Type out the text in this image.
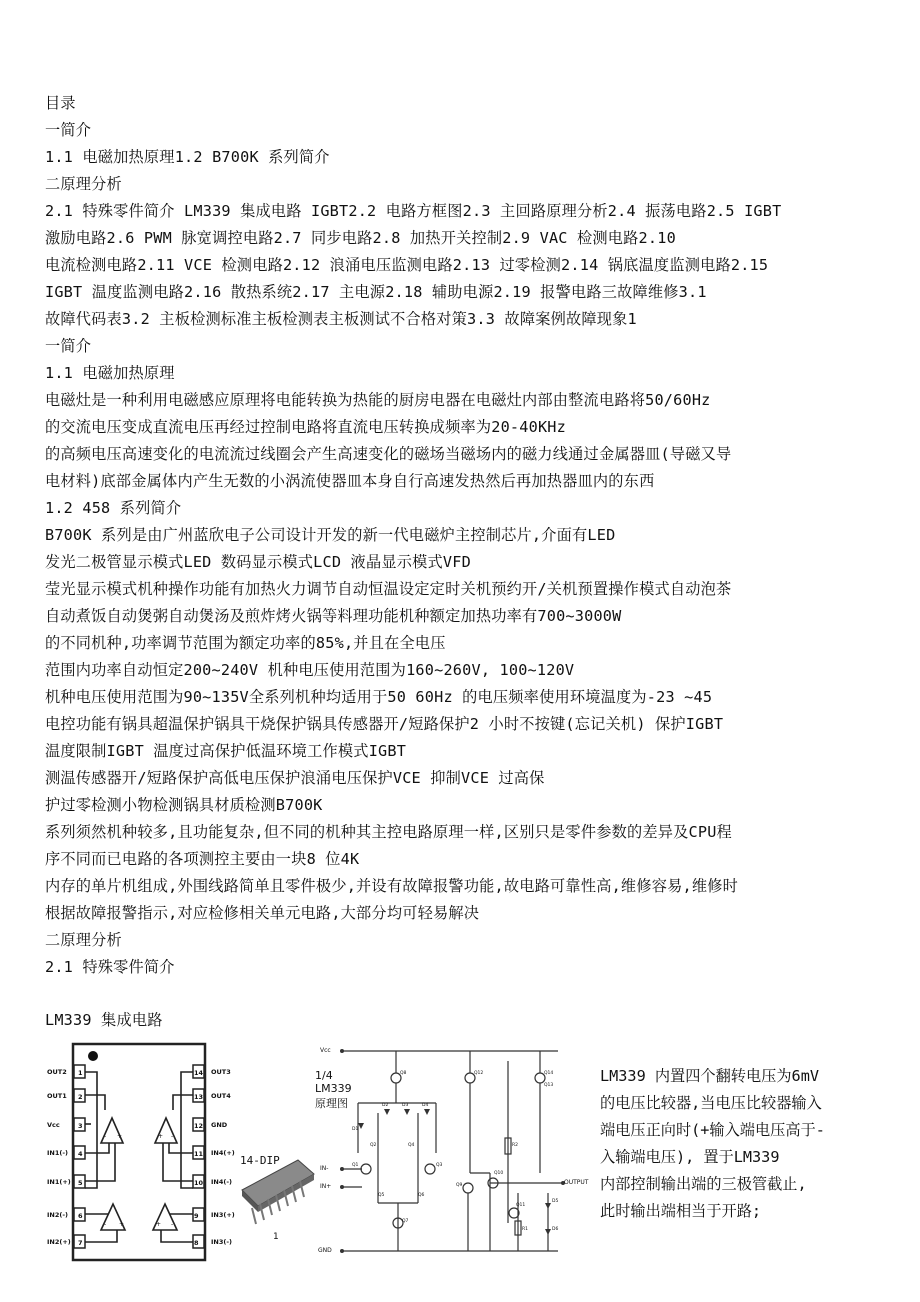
目录
一简介
1.1 电磁加热原理1.2 B700K 系列简介
二原理分析
2.1 特殊零件简介 LM339 集成电路 IGBT2.2 电路方框图2.3 主回路原理分析2.4 振荡电路2.5 IGBT
激励电路2.6 PWM 脉宽调控电路2.7 同步电路2.8 加热开关控制2.9 VAC 检测电路2.10
电流检测电路2.11 VCE 检测电路2.12 浪涌电压监测电路2.13 过零检测2.14 锅底温度监测电路2.15
IGBT 温度监测电路2.16 散热系统2.17 主电源2.18 辅助电源2.19 报警电路三故障维修3.1
故障代码表3.2 主板检测标准主板检测表主板测试不合格对策3.3 故障案例故障现象1
一简介
1.1 电磁加热原理
电磁灶是一种利用电磁感应原理将电能转换为热能的厨房电器在电磁灶内部由整流电路将50/60Hz
的交流电压变成直流电压再经过控制电路将直流电压转换成频率为20-40KHz
的高频电压高速变化的电流流过线圈会产生高速变化的磁场当磁场内的磁力线通过金属器皿(导磁又导
电材料)底部金属体内产生无数的小涡流使器皿本身自行高速发热然后再加热器皿内的东西
1.2 458 系列简介
B700K 系列是由广州蓝欣电子公司设计开发的新一代电磁炉主控制芯片,介面有LED
发光二极管显示模式LED 数码显示模式LCD 液晶显示模式VFD
莹光显示模式机种操作功能有加热火力调节自动恒温设定定时关机预约开/关机预置操作模式自动泡茶
自动煮饭自动煲粥自动煲汤及煎炸烤火锅等料理功能机种额定加热功率有700~3000W
的不同机种,功率调节范围为额定功率的85%,并且在全电压
范围内功率自动恒定200~240V 机种电压使用范围为160~260V, 100~120V
机种电压使用范围为90~135V全系列机种均适用于50 60Hz 的电压频率使用环境温度为-23 ~45
电控功能有锅具超温保护锅具干烧保护锅具传感器开/短路保护2 小时不按键(忘记关机) 保护IGBT
温度限制IGBT 温度过高保护低温环境工作模式IGBT
测温传感器开/短路保护高低电压保护浪涌电压保护VCE 抑制VCE 过高保
护过零检测小物检测锅具材质检测B700K
系列须然机种较多,且功能复杂,但不同的机种其主控电路原理一样,区别只是零件参数的差异及CPU程
序不同而已电路的各项测控主要由一块8 位4K
内存的单片机组成,外围线路简单且零件极少,并设有故障报警功能,故电路可靠性高,维修容易,维修时
根据故障报警指示,对应检修相关单元电路,大部分均可轻易解决
二原理分析
2.1 特殊零件简介
LM339 集成电路
- +	+ -
- +	+ -
OUT2 1
OUT1 2
Vcc	3
IN1(-) 4
IN1(+) 5
IN2(-) 6
IN2(+) 7
OUT3
14
OUT4
13
GND
12
IN4(+)
11
IN4(-)
10
IN3(+)
9
IN3(-)
8
14-DIP
1
1/4
LM339
原理图
Vcc
GND
IN-
IN+
OUTPUT
Q8	Q12	Q14
Q1
Q2
Q3
Q4
Q5	Q6
Q7
Q9
Q10
Q11
Q13
D1
D2	D3	D4
D5
D6
R1
R2
LM339 内置四个翻转电压为6mV
的电压比较器,当电压比较器输入
端电压正向时(+输入端电压高于-
入输端电压), 置于LM339
内部控制输出端的三极管截止,
此时输出端相当于开路;
